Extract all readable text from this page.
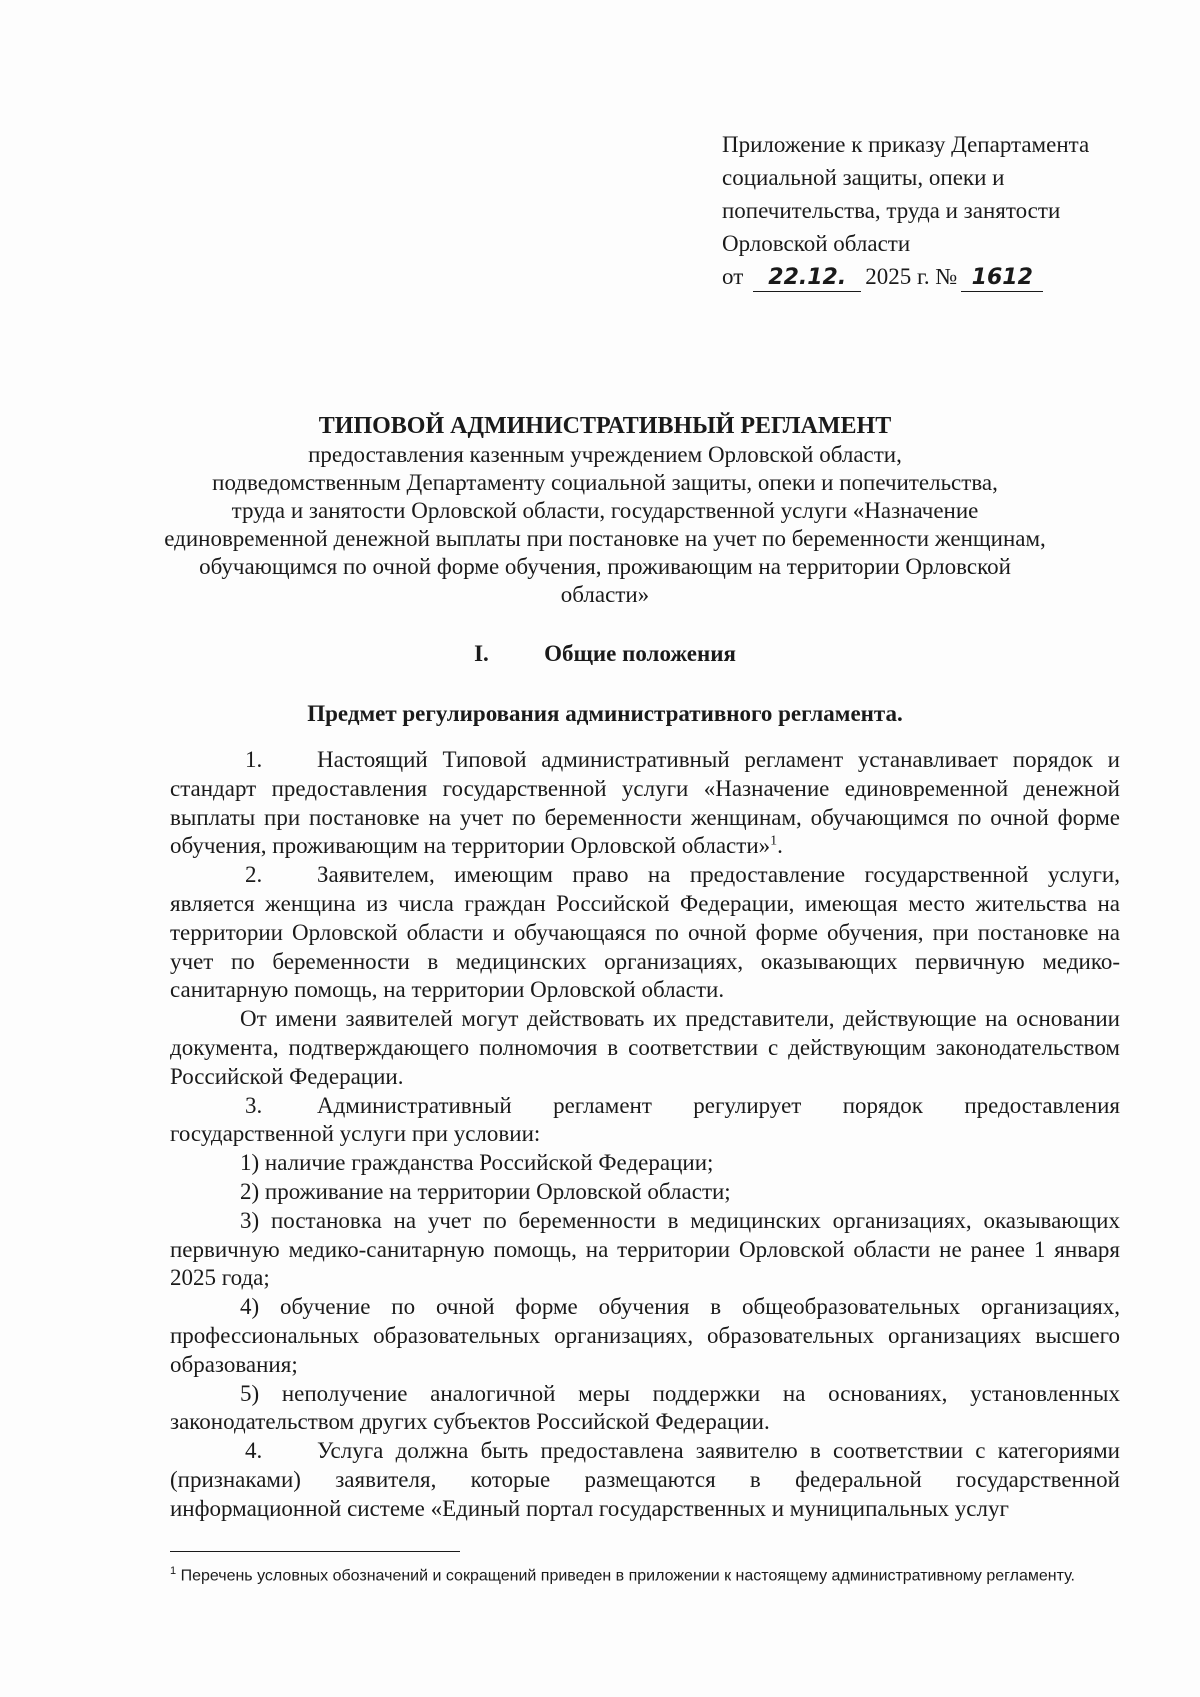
Приложение к приказу Департамента
социальной защиты, опеки и
попечительства, труда и занятости
Орловской области
от 22.12. 2025 г. № 1612
ТИПОВОЙ АДМИНИСТРАТИВНЫЙ РЕГЛАМЕНТ
предоставления казенным учреждением Орловской области,
подведомственным Департаменту социальной защиты, опеки и попечительства,
труда и занятости Орловской области, государственной услуги «Назначение
единовременной денежной выплаты при постановке на учет по беременности женщинам,
обучающимся по очной форме обучения, проживающим на территории Орловской
области»
I. Общие положения
Предмет регулирования административного регламента.

1. Настоящий Типовой административный регламент устанавливает порядок и стандарт предоставления государственной услуги «Назначение единовременной денежной выплаты при постановке на учет по беременности женщинам, обучающимся по очной форме обучения, проживающим на территории Орловской области»$^1$.

2. Заявителем, имеющим право на предоставление государственной услуги, является женщина из числа граждан Российской Федерации, имеющая место жительства на территории Орловской области и обучающаяся по очной форме обучения, при постановке на учет по беременности в медицинских организациях, оказывающих первичную медико-санитарную помощь, на территории Орловской области.

От имени заявителей могут действовать их представители, действующие на основании документа, подтверждающего полномочия в соответствии с действующим законодательством Российской Федерации.

3. Административный регламент регулирует порядок предоставления государственной услуги при условии:

1) наличие гражданства Российской Федерации;

2) проживание на территории Орловской области;

3) постановка на учет по беременности в медицинских организациях, оказывающих первичную медико-санитарную помощь, на территории Орловской области не ранее 1 января 2025 года;

4) обучение по очной форме обучения в общеобразовательных организациях, профессиональных образовательных организациях, образовательных организациях высшего образования;

5) неполучение аналогичной меры поддержки на основаниях, установленных законодательством других субъектов Российской Федерации.

4. Услуга должна быть предоставлена заявителю в соответствии с категориями (признаками) заявителя, которые размещаются в федеральной государственной информационной системе «Единый портал государственных и муниципальных услуг

$^1$ Перечень условных обозначений и сокращений приведен в приложении к настоящему административному регламенту.
